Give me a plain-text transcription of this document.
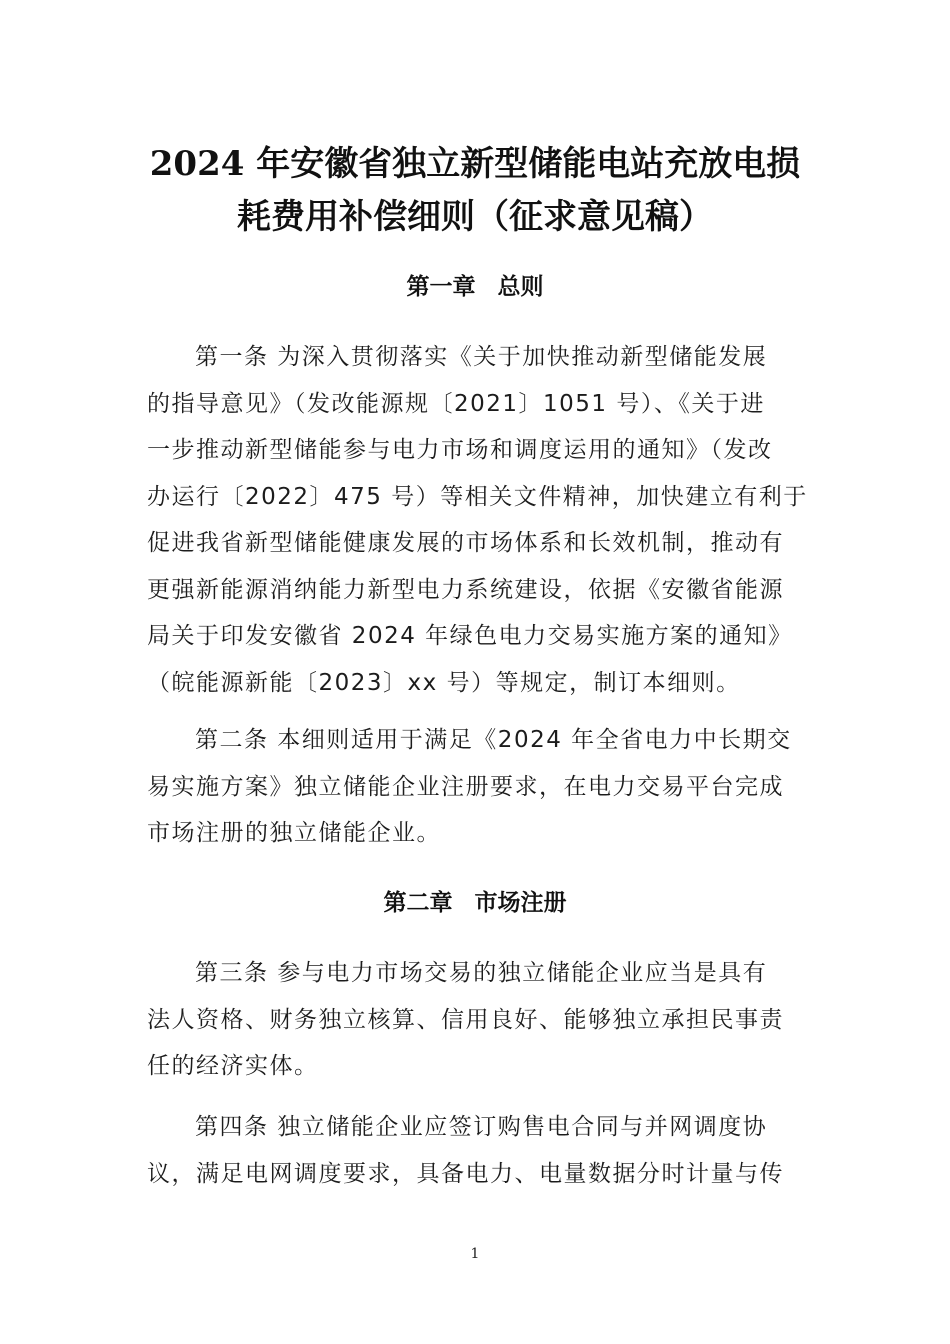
2024 年安徽省独立新型储能电站充放电损
耗费用补偿细则（征求意见稿）
第一章 总则
第一条 为深入贯彻落实《关于加快推动新型储能发展
的指导意见》（发改能源规〔2021〕1051 号）、《关于进
一步推动新型储能参与电力市场和调度运用的通知》（发改
办运行〔2022〕475 号）等相关文件精神，加快建立有利于
促进我省新型储能健康发展的市场体系和长效机制，推动有
更强新能源消纳能力新型电力系统建设，依据《安徽省能源
局关于印发安徽省 2024 年绿色电力交易实施方案的通知》
（皖能源新能〔2023〕xx 号）等规定，制订本细则。
第二条 本细则适用于满足《2024 年全省电力中长期交
易实施方案》独立储能企业注册要求，在电力交易平台完成
市场注册的独立储能企业。
第二章 市场注册
第三条 参与电力市场交易的独立储能企业应当是具有
法人资格、财务独立核算、信用良好、能够独立承担民事责
任的经济实体。
第四条 独立储能企业应签订购售电合同与并网调度协
议，满足电网调度要求，具备电力、电量数据分时计量与传
1
